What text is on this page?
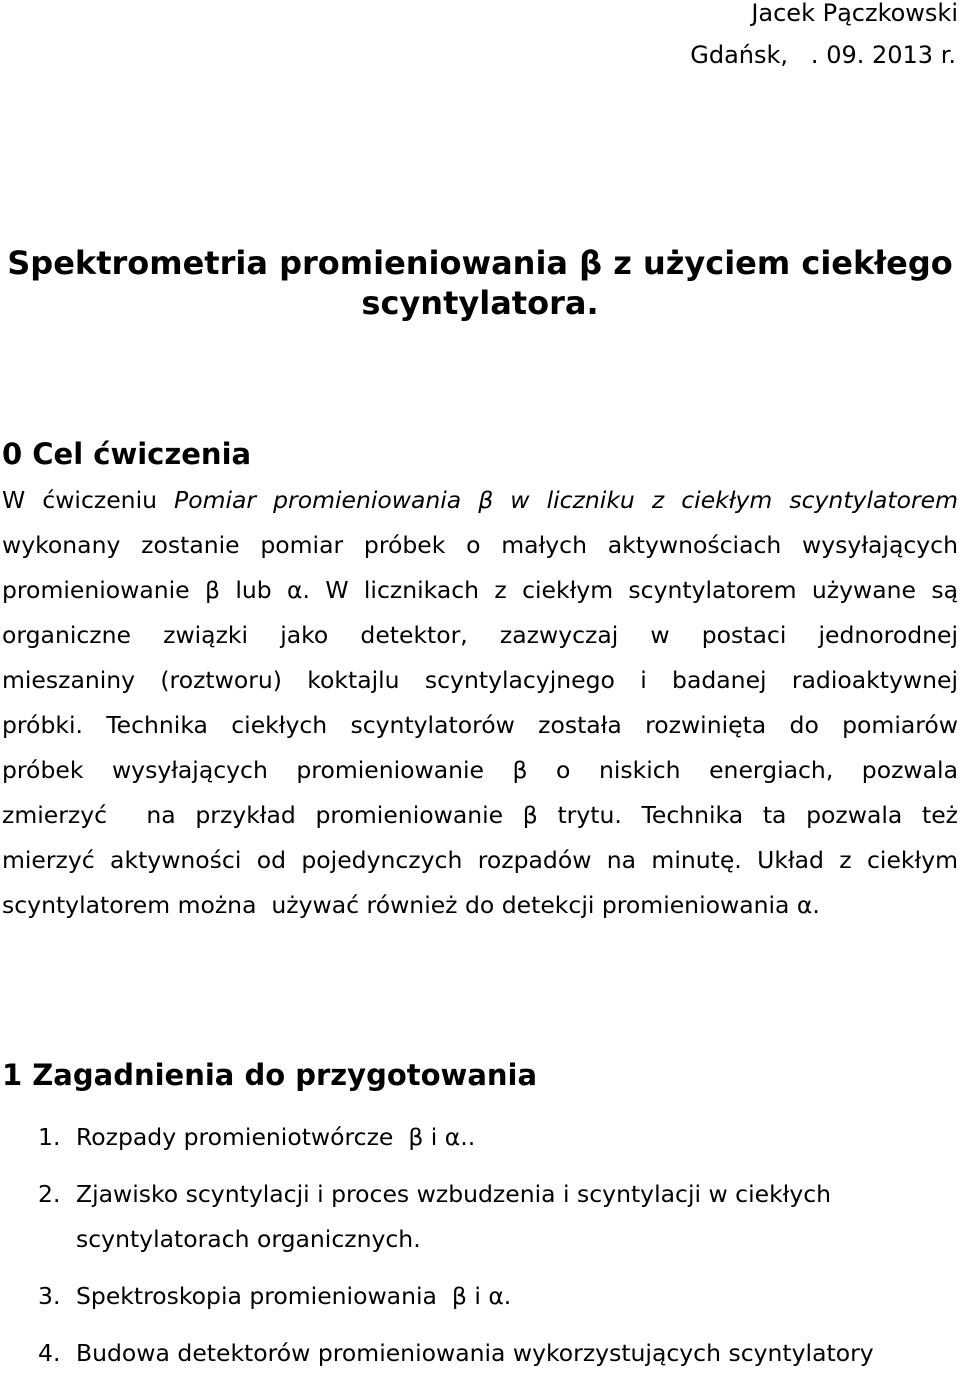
Jacek Pączkowski
Gdańsk,   . 09. 2013 r.
Spektrometria promieniowania β z użyciem ciekłego
scyntylatora.
0 Cel ćwiczenia
W ćwiczeniu Pomiar promieniowania β w liczniku z ciekłym scyntylatorem
wykonany zostanie pomiar próbek o małych aktywnościach wysyłających
promieniowanie β lub α. W licznikach z ciekłym scyntylatorem używane są
organiczne związki jako detektor, zazwyczaj w postaci jednorodnej
mieszaniny (roztworu) koktajlu scyntylacyjnego i badanej radioaktywnej
próbki. Technika ciekłych scyntylatorów została rozwinięta do pomiarów
próbek wysyłających promieniowanie β o niskich energiach, pozwala
zmierzyć  na przykład promieniowanie β trytu. Technika ta pozwala też
mierzyć aktywności od pojedynczych rozpadów na minutę. Układ z ciekłym
scyntylatorem można  używać również do detekcji promieniowania α.
1 Zagadnienia do przygotowania
1. Rozpady promieniotwórcze  β i α..
2. Zjawisko scyntylacji i proces wzbudzenia i scyntylacji w ciekłych
scyntylatorach organicznych.
3. Spektroskopia promieniowania  β i α.
4. Budowa detektorów promieniowania wykorzystujących scyntylatory
